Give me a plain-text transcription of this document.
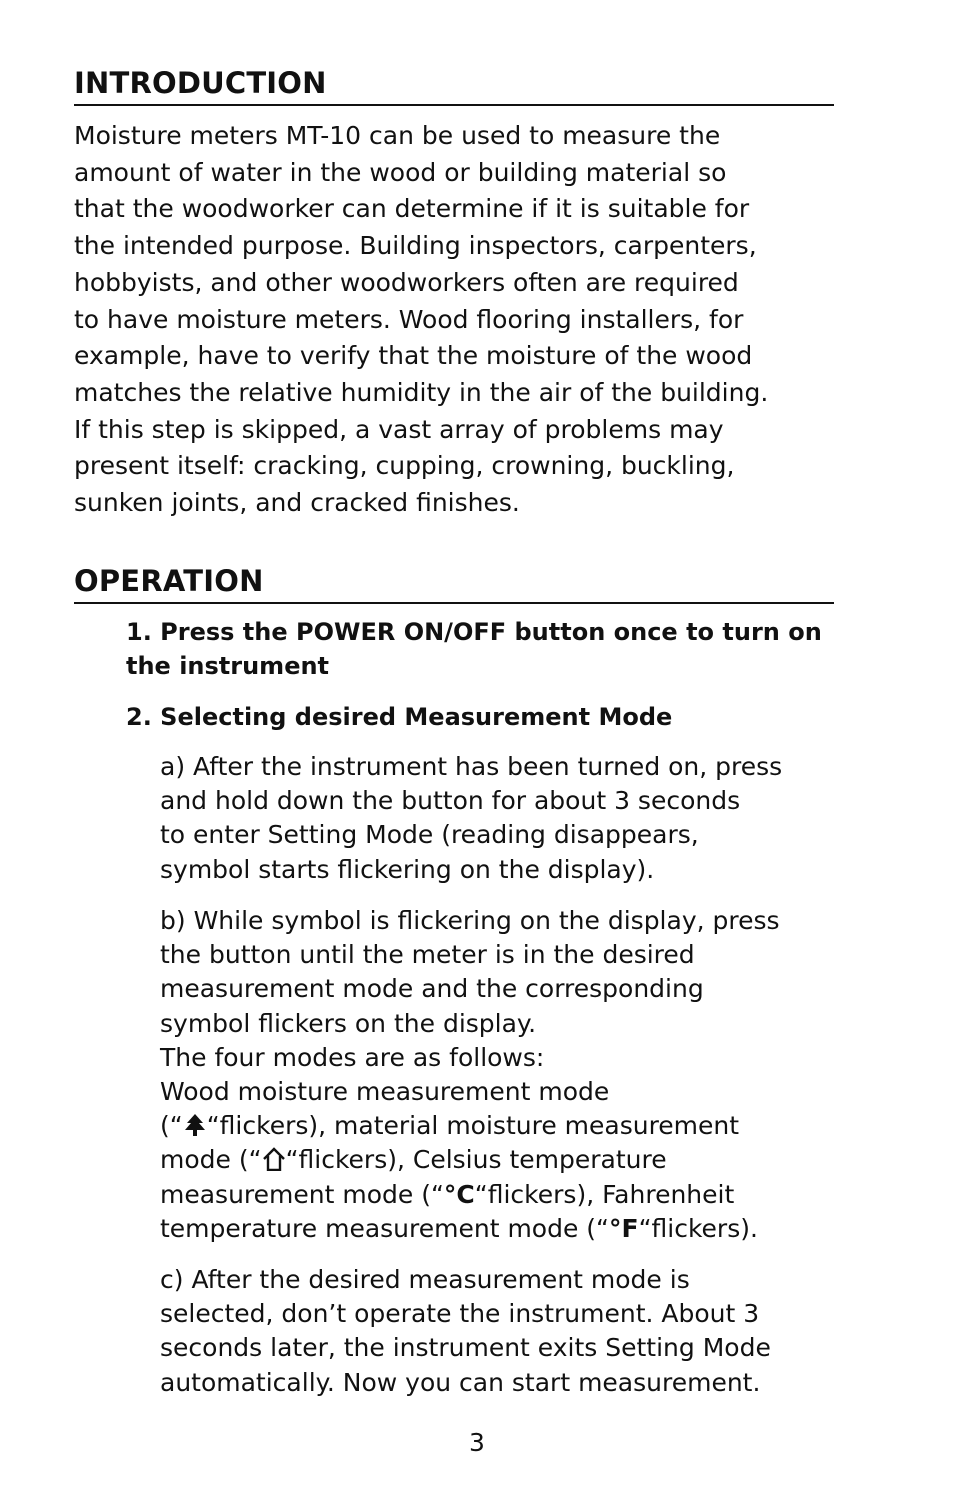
INTRODUCTION

Moisture meters MT-10 can be used to measure the
amount of water in the wood or building material so
that the woodworker can determine if it is suitable for
the intended purpose. Building inspectors, carpenters,
hobbyists, and other woodworkers often are required
to have moisture meters. Wood flooring installers, for
example, have to verify that the moisture of the wood
matches the relative humidity in the air of the building.
If this step is skipped, a vast array of problems may
present itself: cracking, cupping, crowning, buckling,
sunken joints, and cracked finishes.

OPERATION

1. Press the POWER ON/OFF button once to turn on
the instrument

2. Selecting desired Measurement Mode

a) After the instrument has been turned on, press
and hold down the button for about 3 seconds
to enter Setting Mode (reading disappears,
symbol starts flickering on the display).

b) While symbol is flickering on the display, press
the button until the meter is in the desired
measurement mode and the corresponding
symbol flickers on the display.
The four modes are as follows:
Wood moisture measurement mode
(“ “flickers), material moisture measurement
mode (“ “flickers), Celsius temperature
measurement mode (“°C“flickers), Fahrenheit
temperature measurement mode (“°F“flickers).

c) After the desired measurement mode is
selected, don’t operate the instrument. About 3
seconds later, the instrument exits Setting Mode
automatically. Now you can start measurement.

3
